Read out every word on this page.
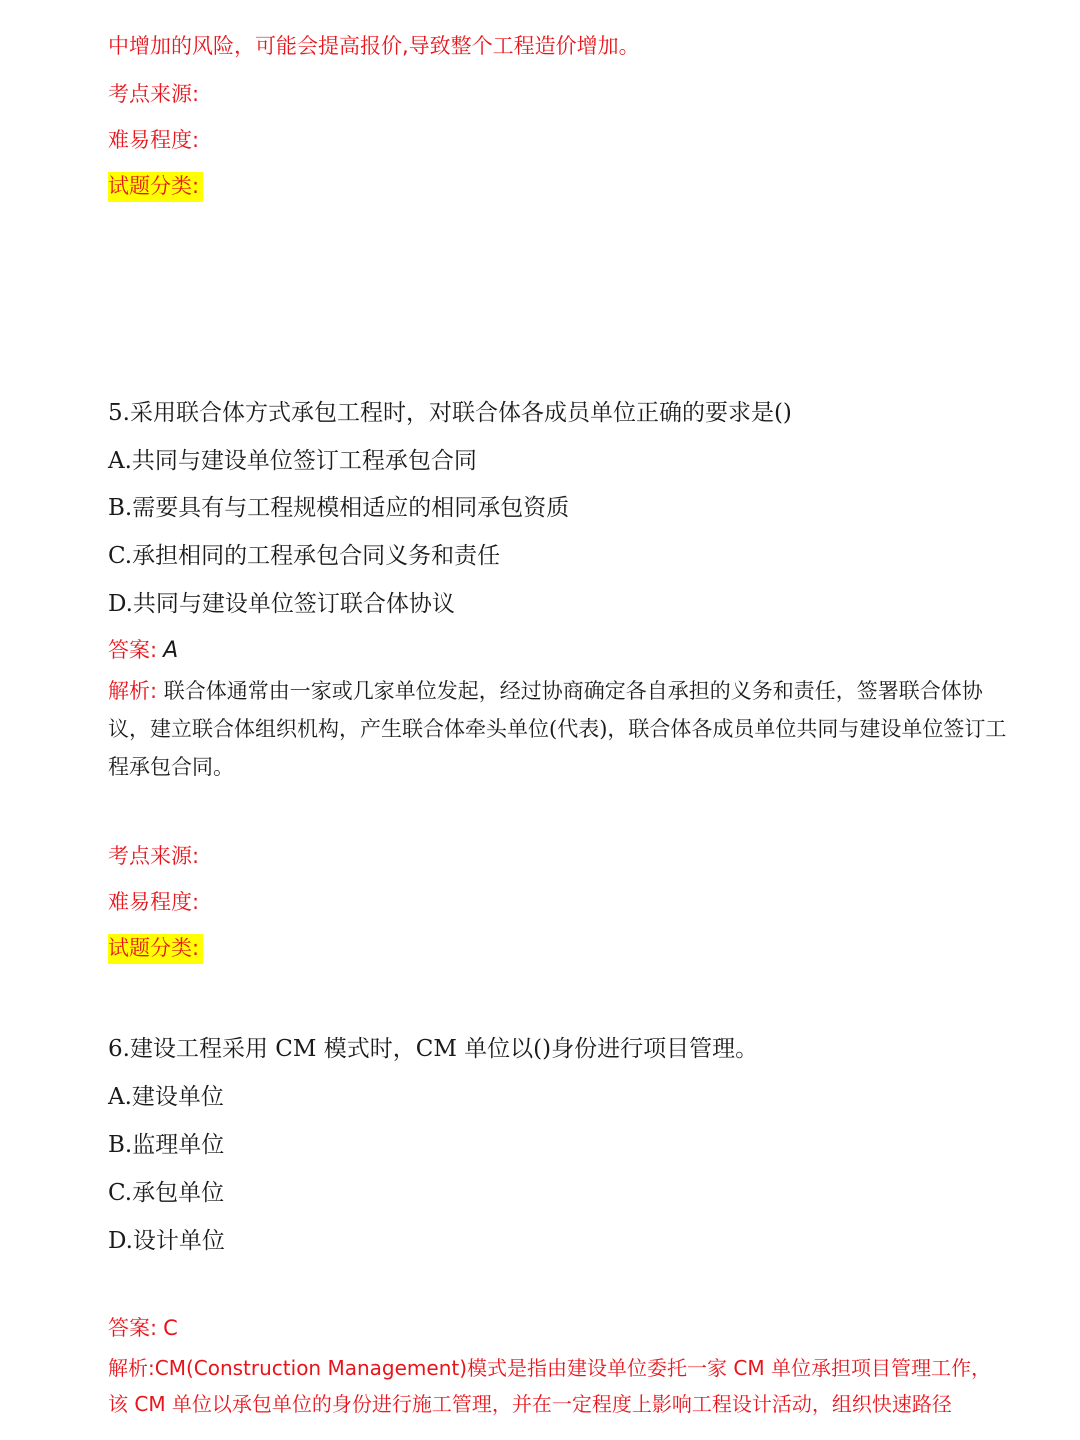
中增加的风险，可能会提高报价,导致整个工程造价增加。
考点来源:
难易程度:
试题分类:
5.采用联合体方式承包工程时，对联合体各成员单位正确的要求是()
A.共同与建设单位签订工程承包合同
B.需要具有与工程规模相适应的相同承包资质
C.承担相同的工程承包合同义务和责任
D.共同与建设单位签订联合体协议
答案: A
解析: 联合体通常由一家或几家单位发起，经过协商确定各自承担的义务和责任，签署联合体协议，建立联合体组织机构，产生联合体牵头单位(代表)，联合体各成员单位共同与建设单位签订工程承包合同。
考点来源:
难易程度:
试题分类:
6.建设工程采用 CM 模式时，CM 单位以()身份进行项目管理。
A.建设单位
B.监理单位
C.承包单位
D.设计单位
答案: C
解析:CM(Construction Management)模式是指由建设单位委托一家 CM 单位承担项目管理工作，该 CM 单位以承包单位的身份进行施工管理，并在一定程度上影响工程设计活动，组织快速路径
